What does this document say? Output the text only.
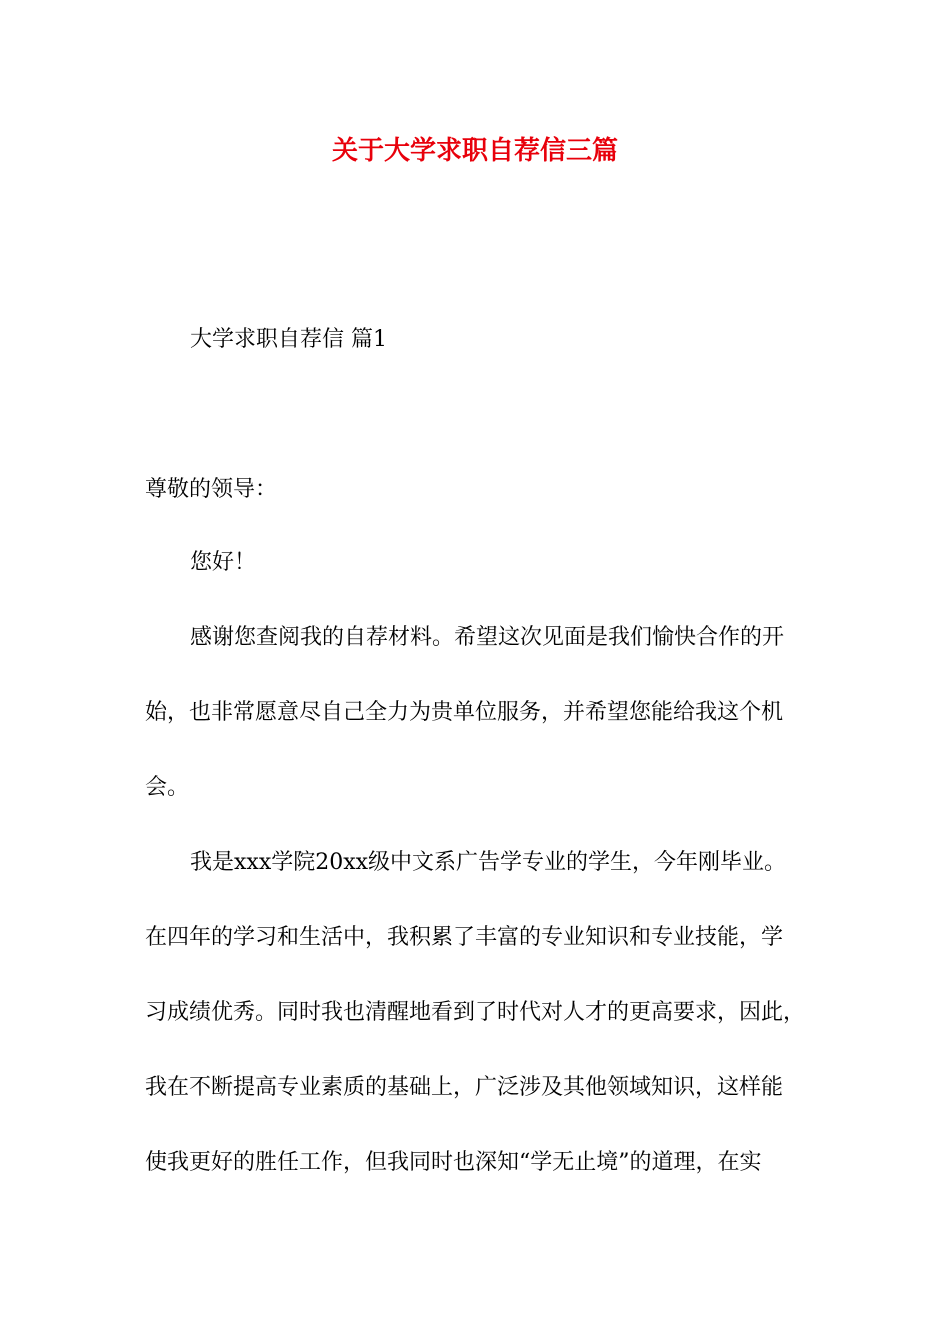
关于大学求职自荐信三篇
大学求职自荐信 篇1
尊敬的领导：
您好！
感谢您查阅我的自荐材料。希望这次见面是我们愉快合作的开
始，也非常愿意尽自己全力为贵单位服务，并希望您能给我这个机
会。
我是xxx学院20xx级中文系广告学专业的学生，今年刚毕业。
在四年的学习和生活中，我积累了丰富的专业知识和专业技能，学
习成绩优秀。同时我也清醒地看到了时代对人才的更高要求，因此，
我在不断提高专业素质的基础上，广泛涉及其他领域知识，这样能
使我更好的胜任工作，但我同时也深知“学无止境”的道理，在实
